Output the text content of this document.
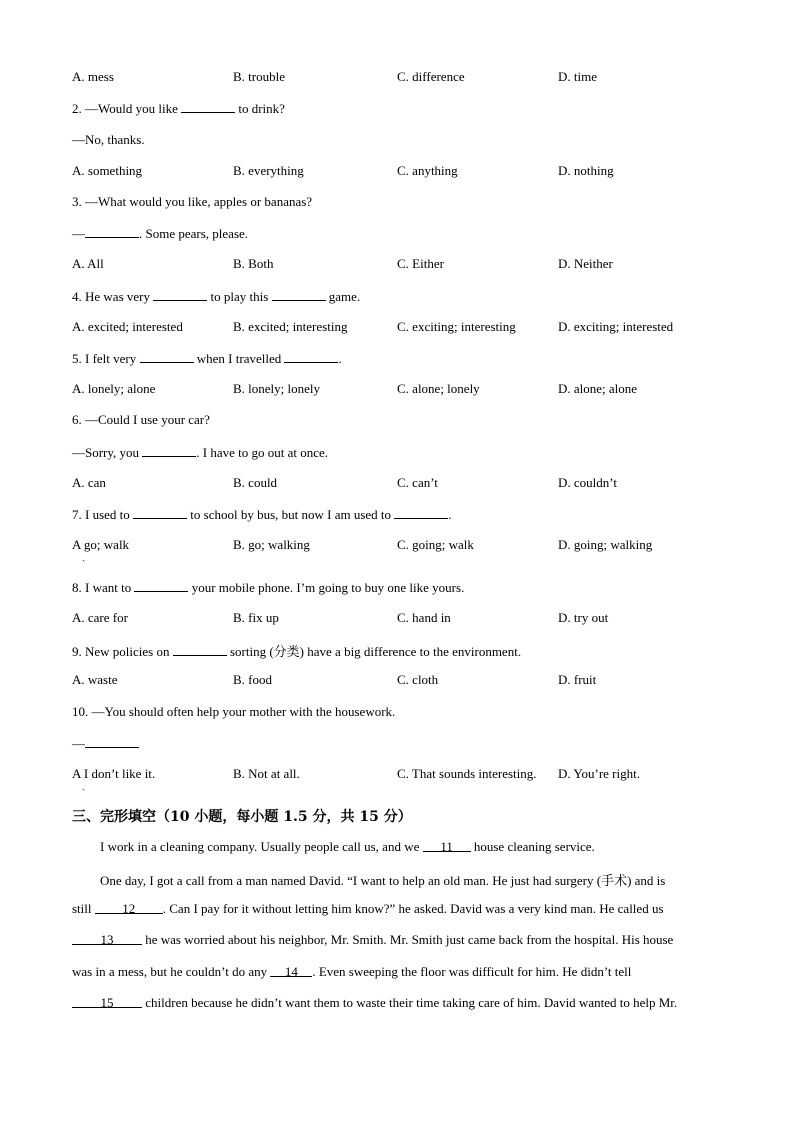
A. mess	B. trouble	C. difference	D. time
2. —Would you like	to drink?
—No, thanks.
A. something	B. everything	C. anything	D. nothing
3. —What would you like, apples or bananas?
—	. Some pears, please.
A. All	B. Both	C. Either	D. Neither
4. He was very	to play this	game.
A. excited; interested	B. excited; interesting	C. exciting; interesting	D. exciting; interested
5. I felt very	when I travelled	.
A. lonely; alone	B. lonely; lonely	C. alone; lonely	D. alone; alone
6. —Could I use your car?
—Sorry, you	. I have to go out at once.
A. can	B. could	C. can’t	D. couldn’t
7. I used to	to school by bus, but now I am used to	.
A go; walk	B. go; walking	C. going; walk	D. going; walking
ˎ
8. I want to	your mobile phone. I’m going to buy one like yours.
A. care for	B. fix up	C. hand in	D. try out
9. New policies on	sorting (分类) have a big difference to the environment.
A. waste	B. food	C. cloth	D. fruit
10. —You should often help your mother with the housework.
—
A I don’t like it.	B. Not at all.	C. That sounds interesting. D. You’re right.
ˎ
三、完形填空（10 小题，每小题 1.5 分，共 15 分）
I work in a cleaning company. Usually people call us, and we 11 house cleaning service.
One day, I got a call from a man named David. “I want to help an old man. He just had surgery (手术) and is
still 12 . Can I pay for it without letting him know?” he asked. David was a very kind man. He called us
13 he was worried about his neighbor, Mr. Smith. Mr. Smith just came back from the hospital. His house
was in a mess, but he couldn’t do any 14 . Even sweeping the floor was difficult for him. He didn’t tell
15 children because he didn’t want them to waste their time taking care of him. David wanted to help Mr.
